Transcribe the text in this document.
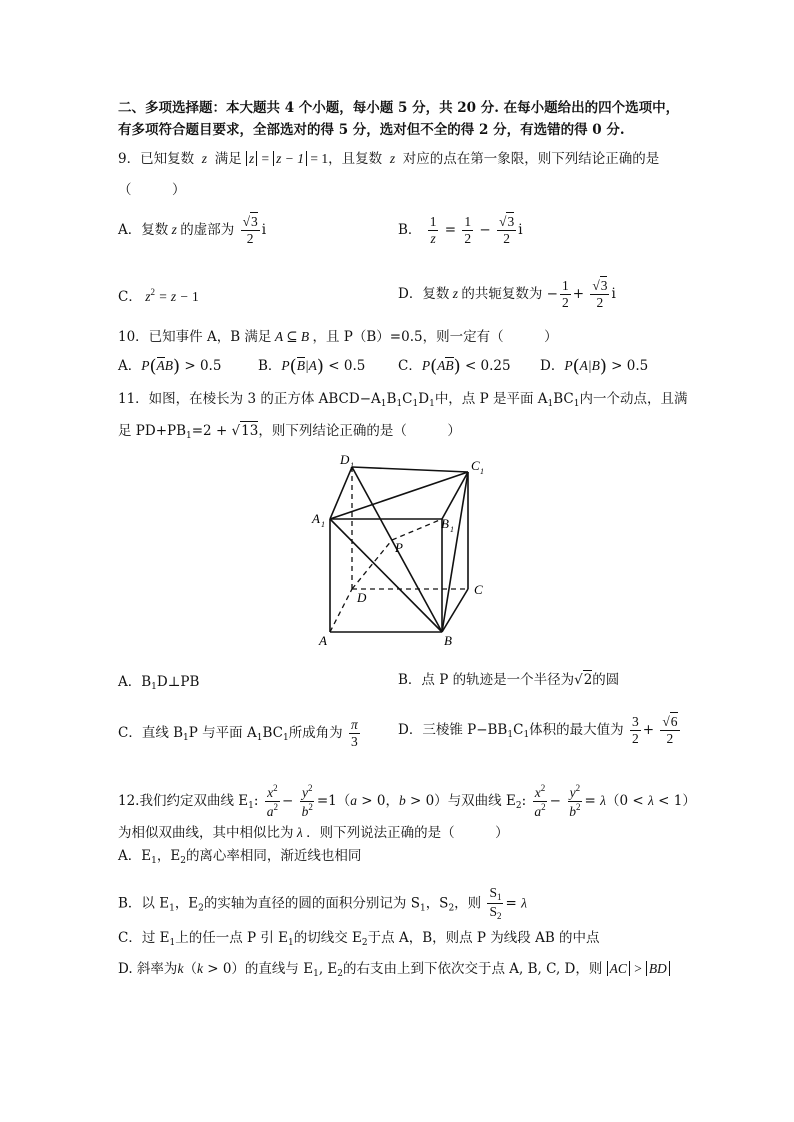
二、多项选择题：本大题共 4 个小题，每小题 5 分，共 20 分. 在每小题给出的四个选项中，
有多项符合题目要求，全部选对的得 5 分，选对但不全的得 2 分，有选错的得 0 分.
9．已知复数  z  满足 z = z − 1 = 1，且复数  z  对应的点在第一象限，则下列结论正确的是
（　　　）
A．复数 z 的虚部为 $\frac{√3}{2}$ i	B． $\frac{1}{z} = \frac{1}{2} - \frac{√3}{2}$ i
C． $z^2 = z - 1$	D．复数 z 的共轭复数为 − $\frac{1}{2} + \frac{√3}{2}$ i
10．已知事件 A，B 满足 A ⊆ B ，且 P（B）=0.5，则一定有（　　　）
A．P(AB) > 0.5	B．P(B|A) < 0.5 C．P(AB) < 0.25 D．P(A|B) > 0.5
11．如图，在棱长为 3 的正方体 $ABCD-A_1B_1C_1D_1$中，点 P 是平面 $A_1BC_1$内一个动点，且满
足 $PD+PB_1=2 + √13$，则下列结论正确的是（　　　）
D 1	C 1
A 1	B 1
P
D
C
A	B
A．$B_1D\perp PB$	B．点 P 的轨迹是一个半径为√2的圆
C．直线 $B_1P$ 与平面 $A_1BC_1$所成角为 $\frac{\pi}{3}$	D．三棱锥 $P-BB_1C_1$体积的最大值为 $\frac{3}{2} + \frac{√6}{2}$
12.我们约定双曲线 $E_1$: $\frac{x^2}{a^2} - \frac{y^2}{b^2} =1(a > 0$，b > 0）与双曲线 $E_2$: $\frac{x^2}{a^2} - \frac{y^2}{b^2} = \lambda(0 < \lambda < 1)$
为相似双曲线，其中相似比为 λ ．则下列说法正确的是（　　　）
A．$E_1$，$E_2$的离心率相同，渐近线也相同
B．以 $E_1$，$E_2$的实轴为直径的圆的面积分别记为 $S_1$，$S_2$，则 $\frac{S_1}{S_2} = \lambda$
C．过 $E_1$上的任一点 P 引 $E_1$的切线交 $E_2$于点 A，B，则点 P 为线段 AB 的中点
D. 斜率为k（k > 0）的直线与 $E_1$, $E_2$的右支由上到下依次交于点 A, B, C, D，则 AC > BD
